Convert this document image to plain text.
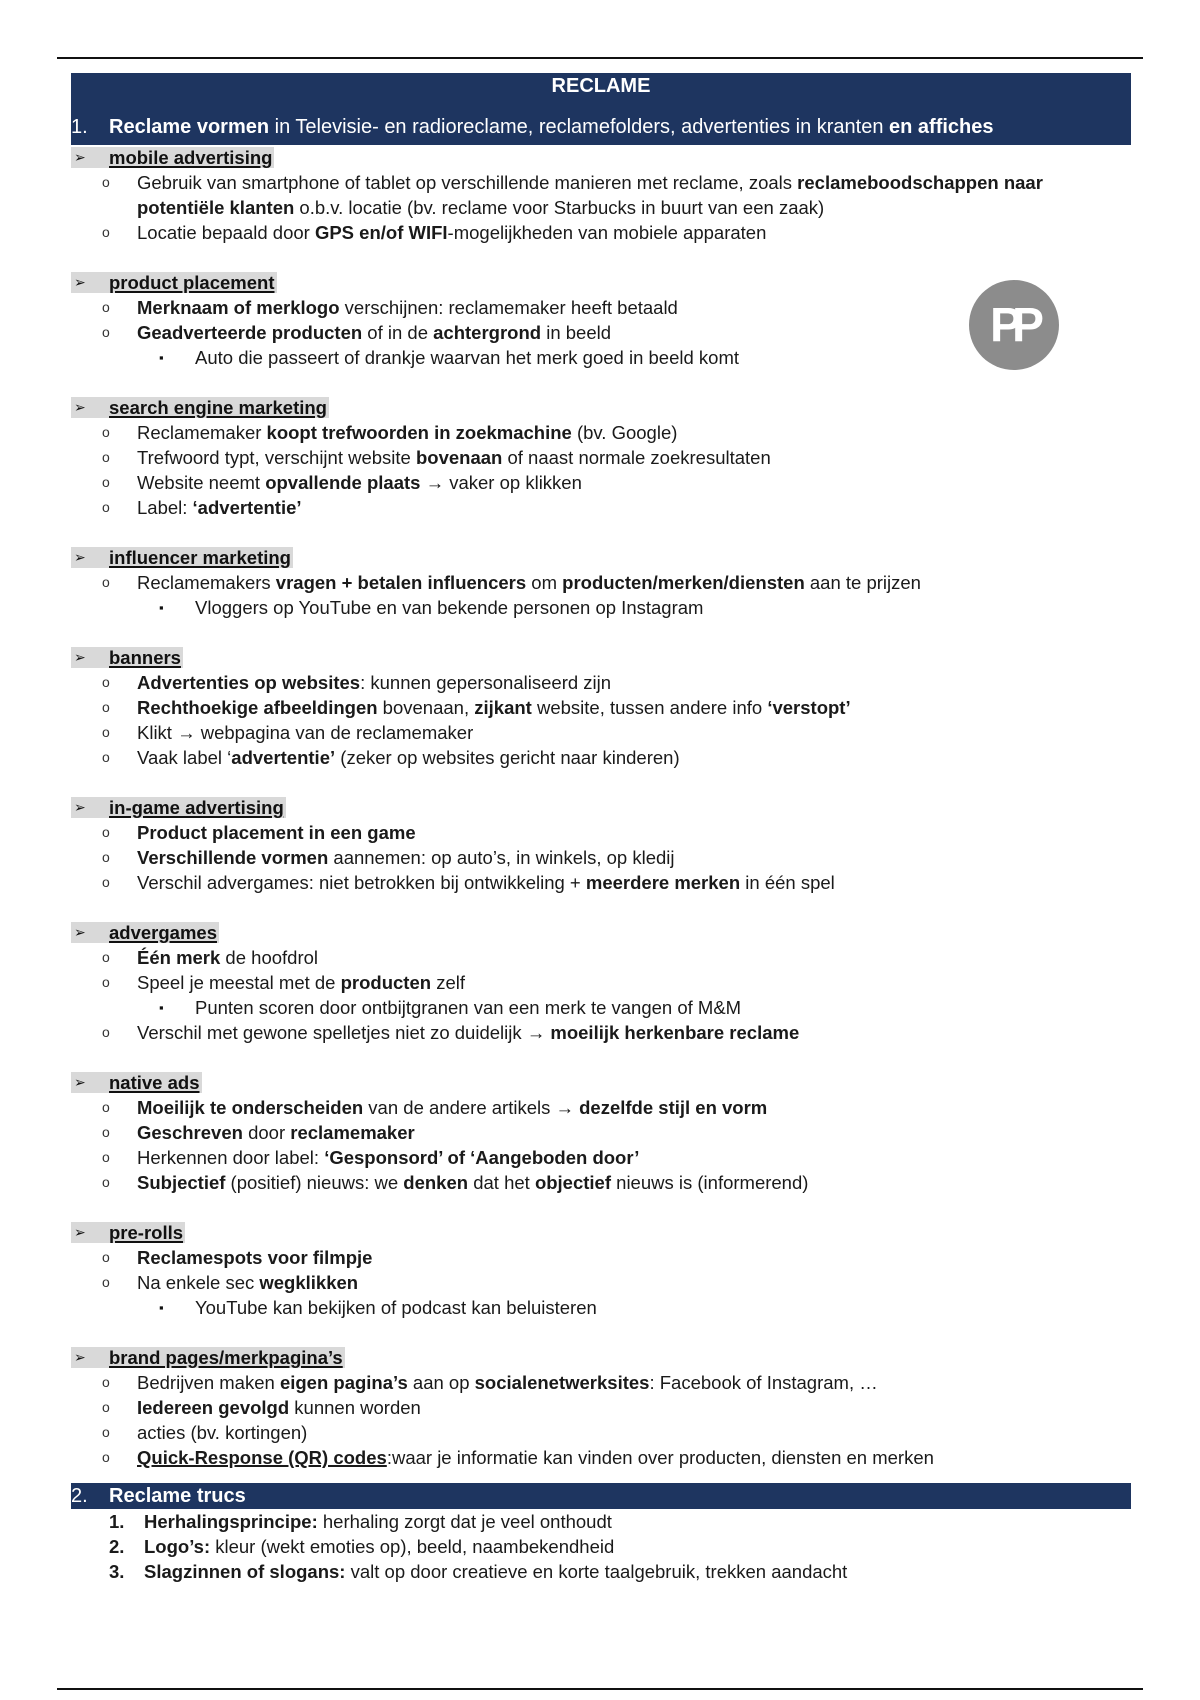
RECLAME
1. Reclame vormen in Televisie- en radioreclame, reclamefolders, advertenties in kranten en affiches
➢ mobile advertising
o Gebruik van smartphone of tablet op verschillende manieren met reclame, zoals reclameboodschappen naar potentiële klanten o.b.v. locatie (bv. reclame voor Starbucks in buurt van een zaak)
o Locatie bepaald door GPS en/of WIFI-mogelijkheden van mobiele apparaten
➢ product placement
o Merknaam of merklogo verschijnen: reclamemaker heeft betaald
o Geadverteerde producten of in de achtergrond in beeld
▪ Auto die passeert of drankje waarvan het merk goed in beeld komt
➢ search engine marketing
o Reclamemaker koopt trefwoorden in zoekmachine (bv. Google)
o Trefwoord typt, verschijnt website bovenaan of naast normale zoekresultaten
o Website neemt opvallende plaats → vaker op klikken
o Label: ‘advertentie’
➢ influencer marketing
o Reclamemakers vragen + betalen influencers om producten/merken/diensten aan te prijzen
▪ Vloggers op YouTube en van bekende personen op Instagram
➢ banners
o Advertenties op websites: kunnen gepersonaliseerd zijn
o Rechthoekige afbeeldingen bovenaan, zijkant website, tussen andere info ‘verstopt’
o Klikt → webpagina van de reclamemaker
o Vaak label ‘advertentie’ (zeker op websites gericht naar kinderen)
➢ in-game advertising
o Product placement in een game
o Verschillende vormen aannemen: op auto’s, in winkels, op kledij
o Verschil advergames: niet betrokken bij ontwikkeling + meerdere merken in één spel
➢ advergames
o Één merk de hoofdrol
o Speel je meestal met de producten zelf
▪ Punten scoren door ontbijtgranen van een merk te vangen of M&M
o Verschil met gewone spelletjes niet zo duidelijk → moeilijk herkenbare reclame
➢ native ads
o Moeilijk te onderscheiden van de andere artikels → dezelfde stijl en vorm
o Geschreven door reclamemaker
o Herkennen door label: ‘Gesponsord’ of ‘Aangeboden door’
o Subjectief (positief) nieuws: we denken dat het objectief nieuws is (informerend)
➢ pre-rolls
o Reclamespots voor filmpje
o Na enkele sec wegklikken
▪ YouTube kan bekijken of podcast kan beluisteren
➢ brand pages/merkpagina’s
o Bedrijven maken eigen pagina’s aan op socialenetwerksites: Facebook of Instagram, …
o Iedereen gevolgd kunnen worden
o acties (bv. kortingen)
o Quick-Response (QR) codes:waar je informatie kan vinden over producten, diensten en merken
2. Reclame trucs
1. Herhalingsprincipe: herhaling zorgt dat je veel onthoudt
2. Logo’s: kleur (wekt emoties op), beeld, naambekendheid
3. Slagzinnen of slogans: valt op door creatieve en korte taalgebruik, trekken aandacht
PP
